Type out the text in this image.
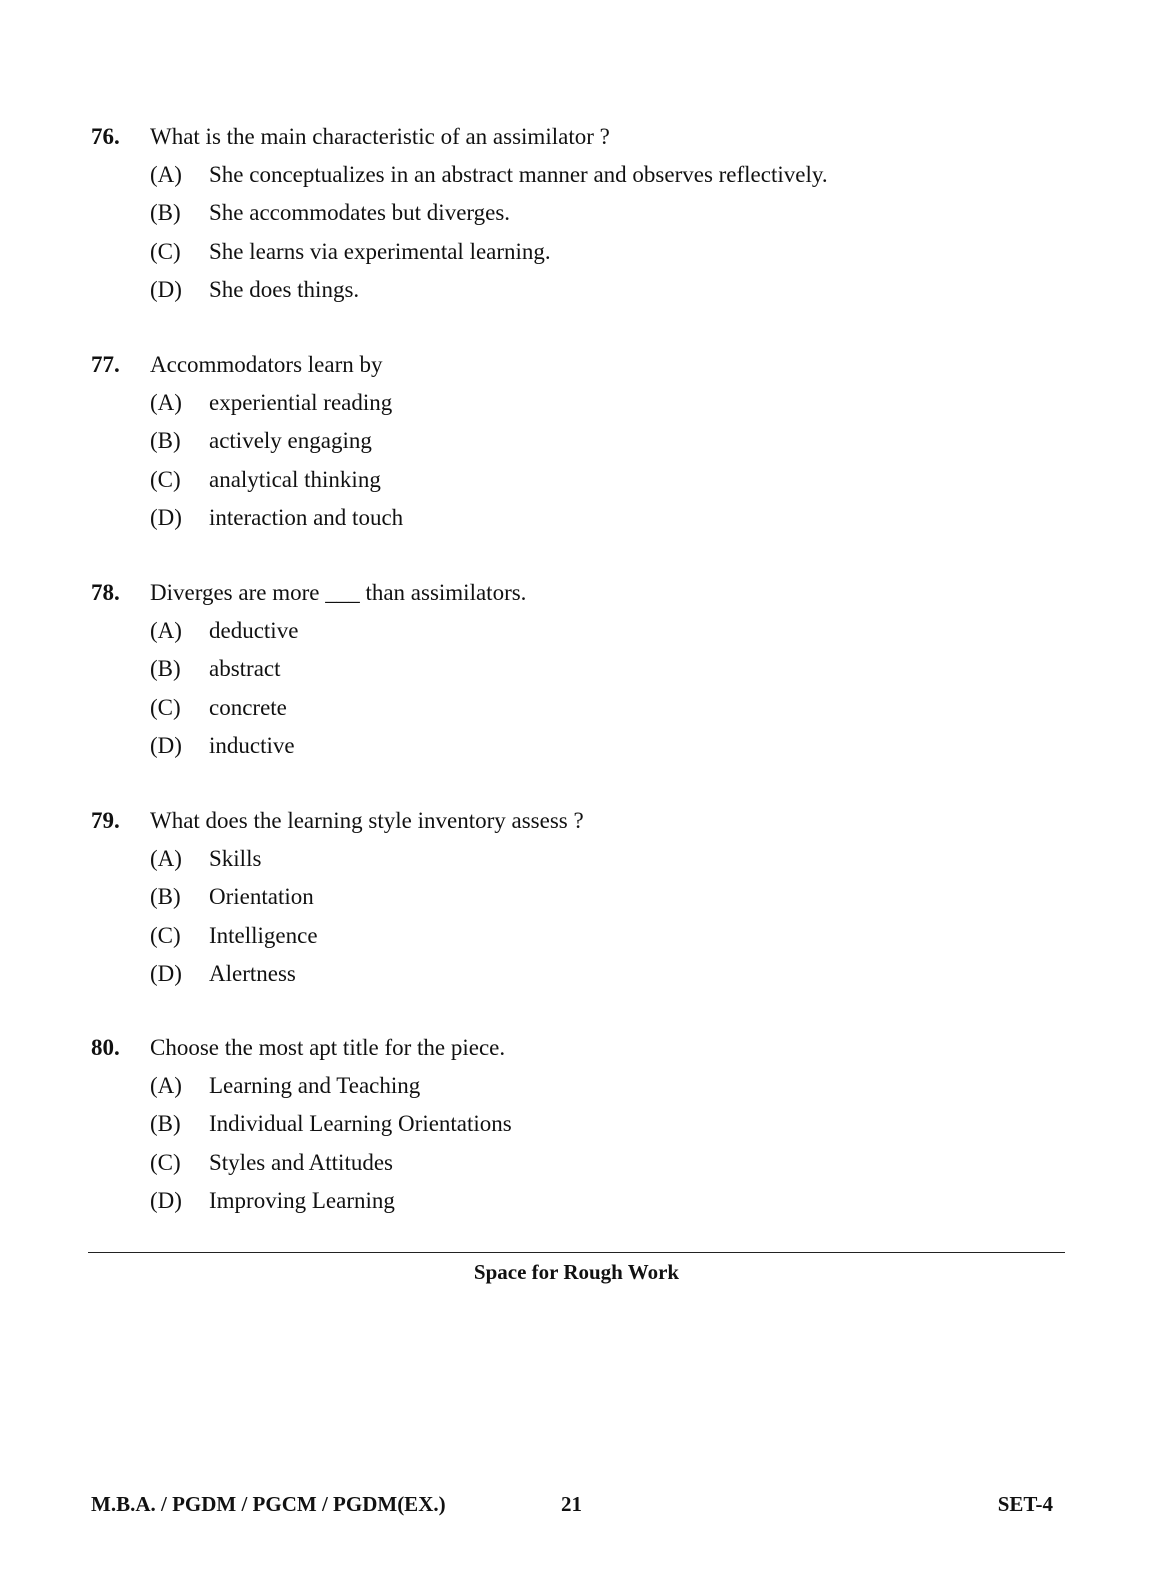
76. What is the main characteristic of an assimilator ?
(A) She conceptualizes in an abstract manner and observes reflectively.
(B) She accommodates but diverges.
(C) She learns via experimental learning.
(D) She does things.
77. Accommodators learn by
(A) experiential reading
(B) actively engaging
(C) analytical thinking
(D) interaction and touch
78. Diverges are more ___ than assimilators.
(A) deductive
(B) abstract
(C) concrete
(D) inductive
79. What does the learning style inventory assess ?
(A) Skills
(B) Orientation
(C) Intelligence
(D) Alertness
80. Choose the most apt title for the piece.
(A) Learning and Teaching
(B) Individual Learning Orientations
(C) Styles and Attitudes
(D) Improving Learning
Space for Rough Work
M.B.A. / PGDM / PGCM / PGDM(EX.)	21	SET-4
